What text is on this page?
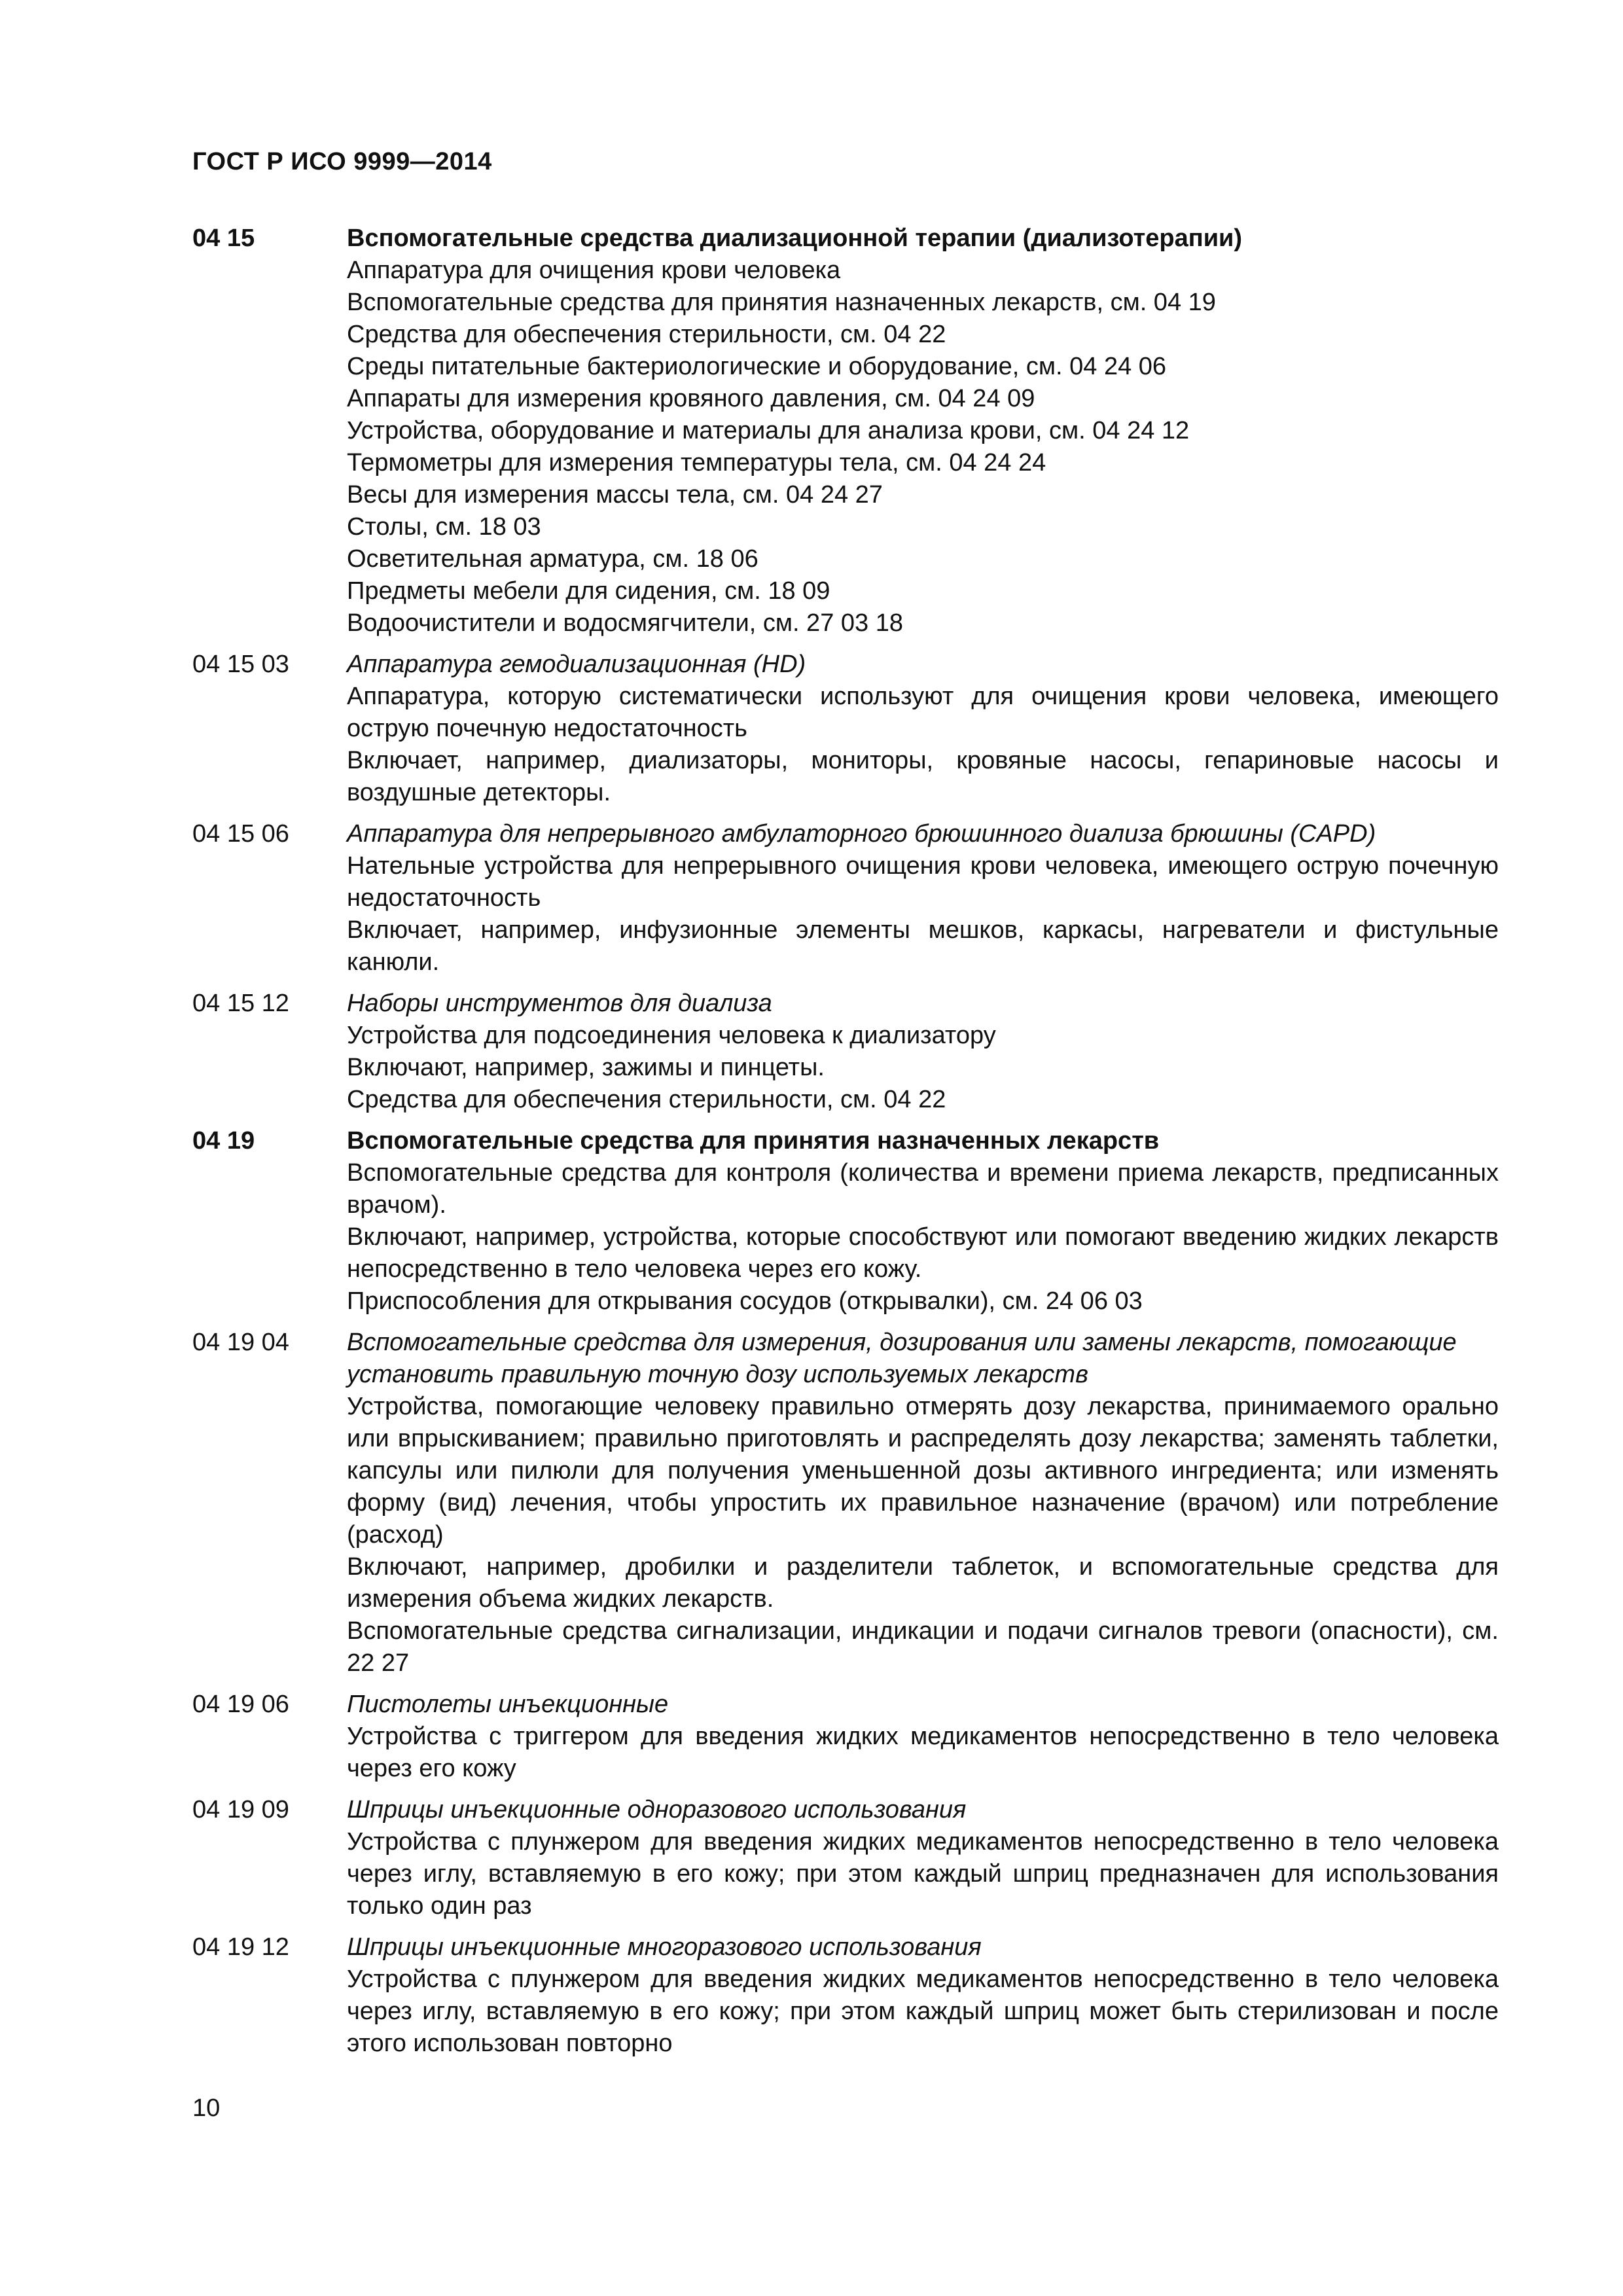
ГОСТ Р ИСО 9999—2014
04 15	Вспомогательные средства диализационной терапии (диализотерапии)
Аппаратура для очищения крови человека
Вспомогательные средства для принятия назначенных лекарств, см. 04 19
Средства для обеспечения стерильности, см. 04 22
Среды питательные бактериологические и оборудование, см. 04 24 06
Аппараты для измерения кровяного давления, см. 04 24 09
Устройства, оборудование и материалы для анализа крови, см. 04 24 12
Термометры для измерения температуры тела, см. 04 24 24
Весы для измерения массы тела, см. 04 24 27
Столы, см. 18 03
Осветительная арматура, см. 18 06
Предметы мебели для сидения, см. 18 09
Водоочистители и водосмягчители, см. 27 03 18
04 15 03	Аппаратура гемодиализационная (HD)
Аппаратура, которую систематически используют для очищения крови человека, имеющего острую почечную недостаточность
Включает, например, диализаторы, мониторы, кровяные насосы, гепариновые насосы и воздушные детекторы.
04 15 06	Аппаратура для непрерывного амбулаторного брюшинного диализа брюшины (CAPD)
Нательные устройства для непрерывного очищения крови человека, имеющего острую почечную недостаточность
Включает, например, инфузионные элементы мешков, каркасы, нагреватели и фистульные канюли.
04 15 12	Наборы инструментов для диализа
Устройства для подсоединения человека к диализатору
Включают, например, зажимы и пинцеты.
Средства для обеспечения стерильности, см. 04 22
04 19	Вспомогательные средства для принятия назначенных лекарств
Вспомогательные средства для контроля (количества и времени приема лекарств, предписанных врачом).
Включают, например, устройства, которые способствуют или помогают введению жидких лекарств непосредственно в тело человека через его кожу.
Приспособления для открывания сосудов (открывалки), см. 24 06 03
04 19 04	Вспомогательные средства для измерения, дозирования или замены лекарств, помогающие установить правильную точную дозу используемых лекарств
Устройства, помогающие человеку правильно отмерять дозу лекарства, принимаемого орально или впрыскиванием; правильно приготовлять и распределять дозу лекарства; заменять таблетки, капсулы или пилюли для получения уменьшенной дозы активного ингредиента; или изменять форму (вид) лечения, чтобы упростить их правильное назначение (врачом) или потребление (расход)
Включают, например, дробилки и разделители таблеток, и вспомогательные средства для измерения объема жидких лекарств.
Вспомогательные средства сигнализации, индикации и подачи сигналов тревоги (опасности), см. 22 27
04 19 06	Пистолеты инъекционные
Устройства с триггером для введения жидких медикаментов непосредственно в тело человека через его кожу
04 19 09	Шприцы инъекционные одноразового использования
Устройства с плунжером для введения жидких медикаментов непосредственно в тело человека через иглу, вставляемую в его кожу; при этом каждый шприц предназначен для использования только один раз
04 19 12	Шприцы инъекционные многоразового использования
Устройства с плунжером для введения жидких медикаментов непосредственно в тело человека через иглу, вставляемую в его кожу; при этом каждый шприц может быть стерилизован и после этого использован повторно
10
